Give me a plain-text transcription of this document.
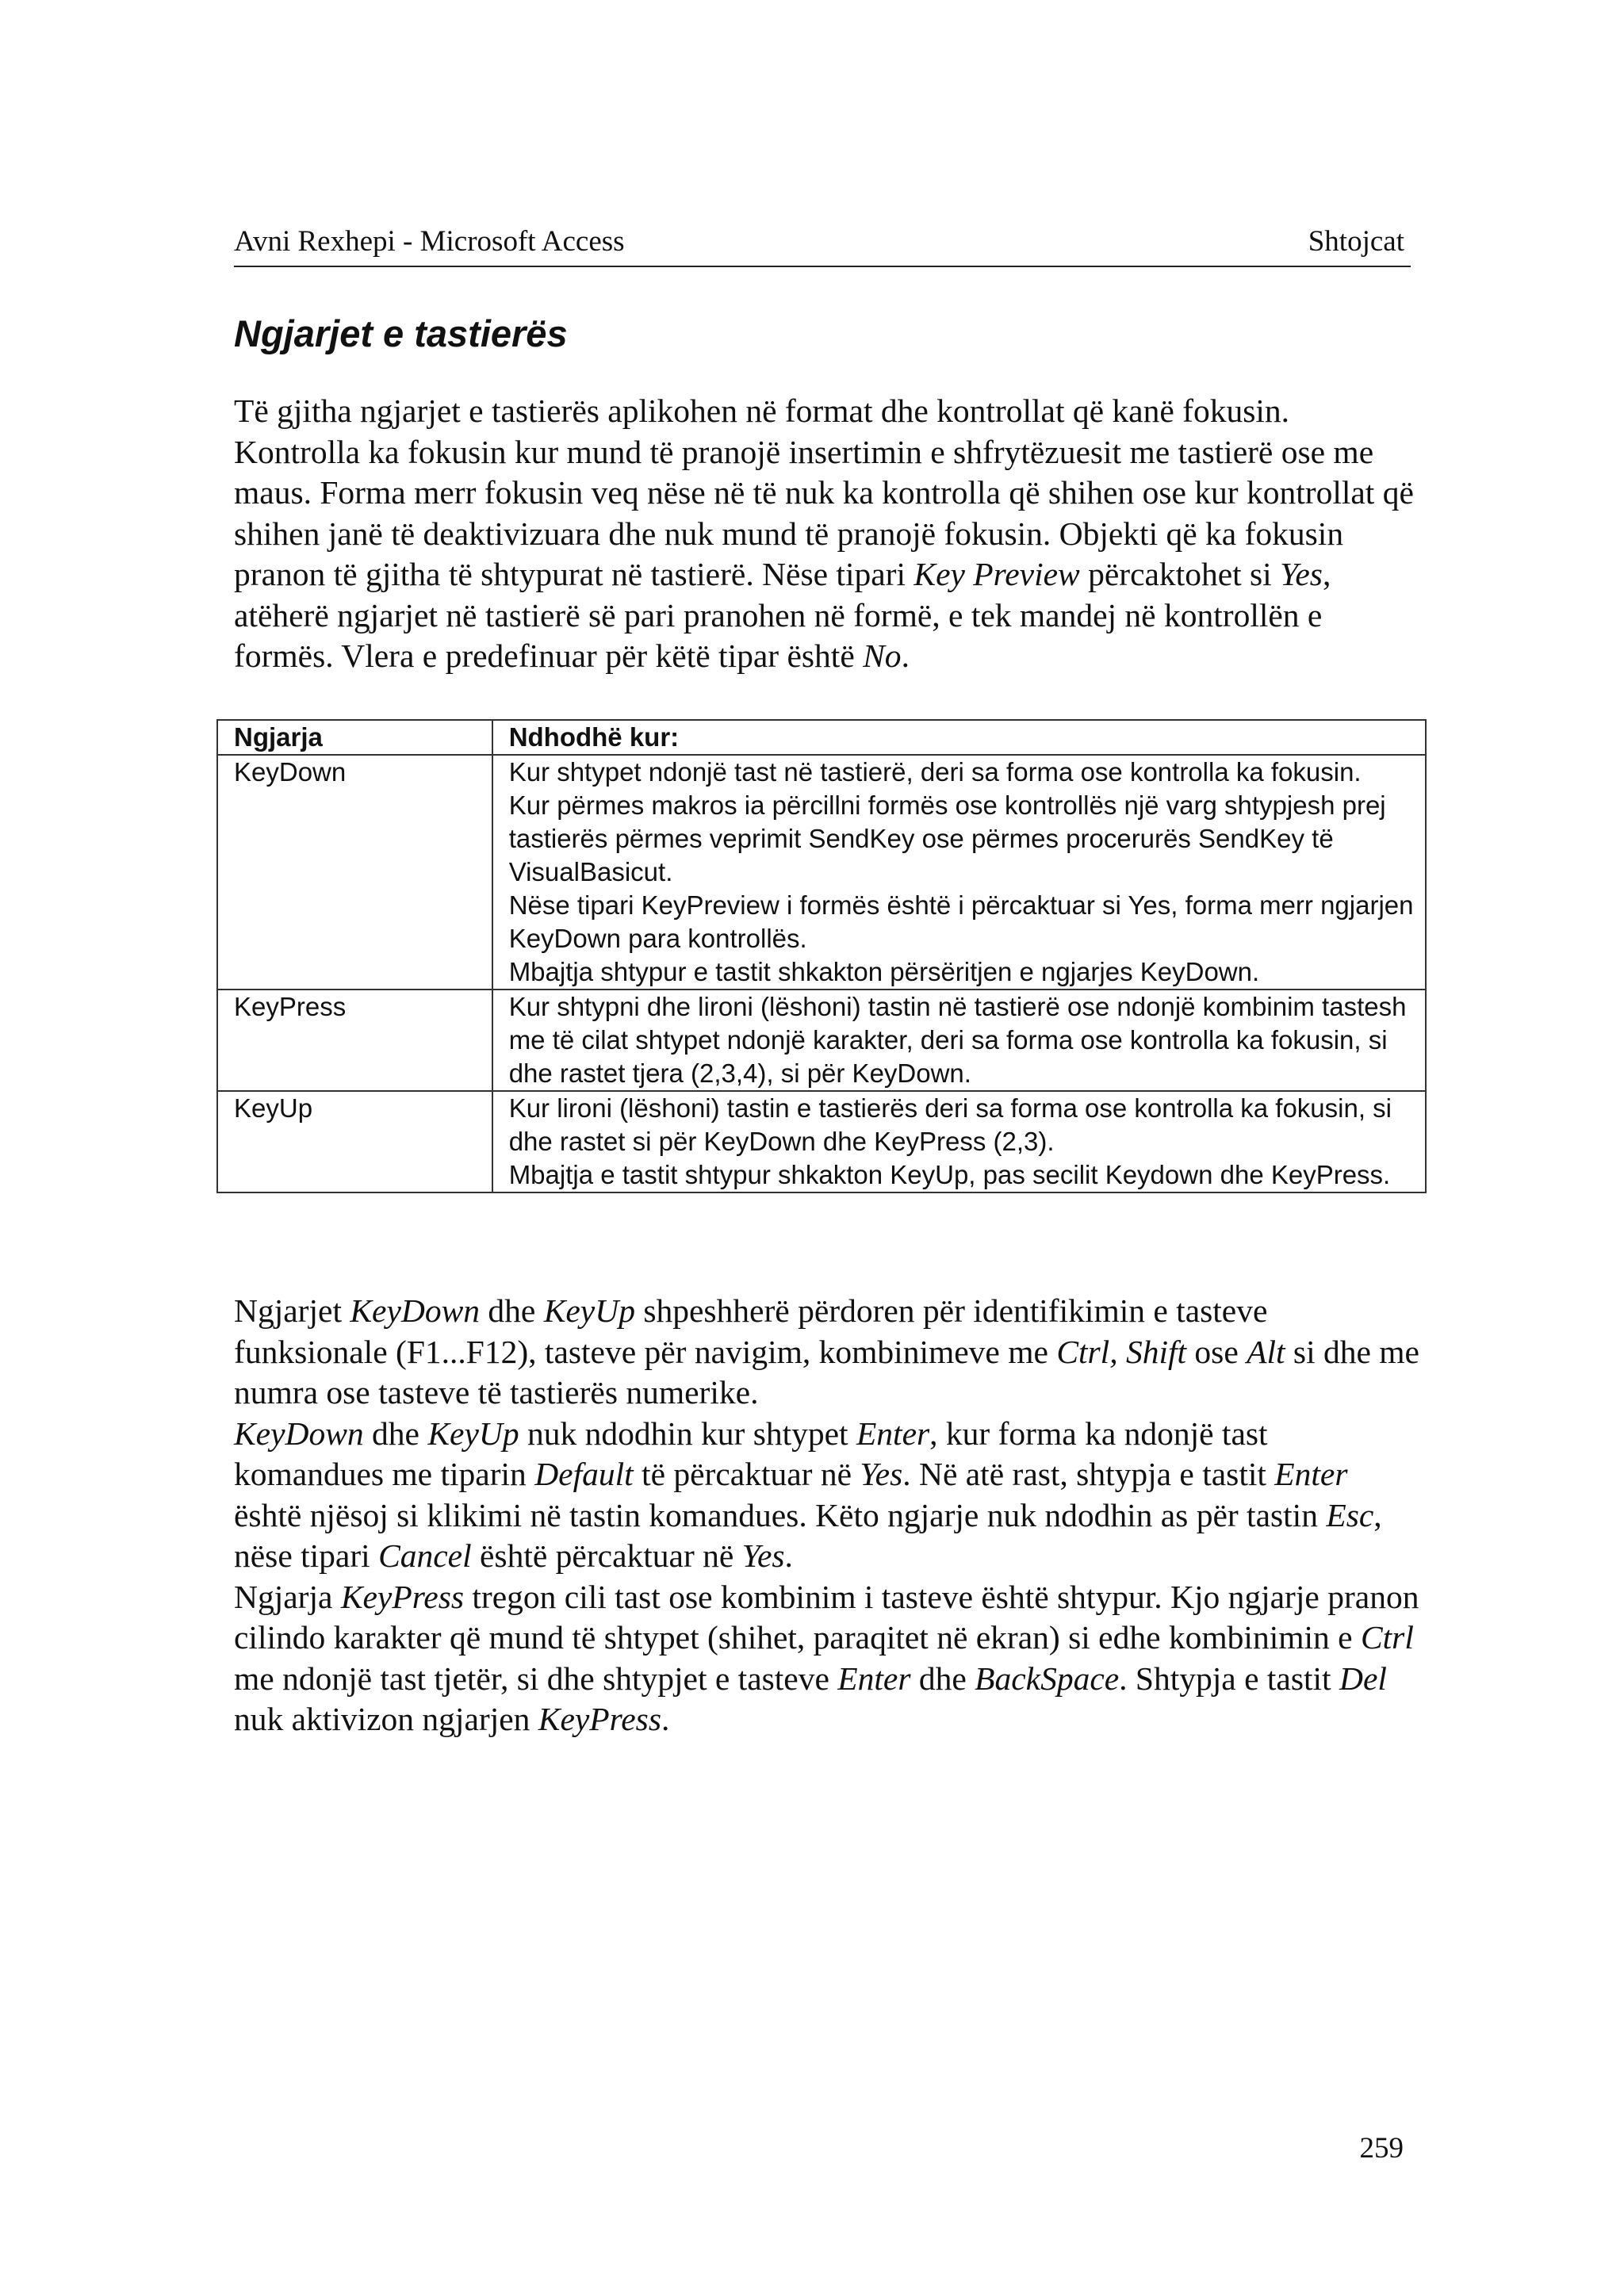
Avni Rexhepi - Microsoft Access	Shtojcat
Ngjarjet e tastierës

Të gjitha ngjarjet e tastierës aplikohen në format dhe kontrollat që kanë fokusin. Kontrolla ka fokusin kur mund të pranojë insertimin e shfrytëzuesit me tastierë ose me maus. Forma merr fokusin veq nëse në të nuk ka kontrolla që shihen ose kur kontrollat që shihen janë të deaktivizuara dhe nuk mund të pranojë fokusin. Objekti që ka fokusin pranon të gjitha të shtypurat në tastierë. Nëse tipari Key Preview përcaktohet si Yes, atëherë ngjarjet në tastierë së pari pranohen në formë, e tek mandej në kontrollën e formës. Vlera e predefinuar për këtë tipar është No.

Ngjarja	Ndhodhë kur:
KeyDown	Kur shtypet ndonjë tast në tastierë, deri sa forma ose kontrolla ka fokusin.
Kur përmes makros ia përcillni formës ose kontrollës një varg shtypjesh prej tastierës përmes veprimit SendKey ose përmes procerurës SendKey të VisualBasicut.
Nëse tipari KeyPreview i formës është i përcaktuar si Yes, forma merr ngjarjen KeyDown para kontrollës.
Mbajtja shtypur e tastit shkakton përsëritjen e ngjarjes KeyDown.

KeyPress	Kur shtypni dhe lironi (lëshoni) tastin në tastierë ose ndonjë kombinim tastesh me të cilat shtypet ndonjë karakter, deri sa forma ose kontrolla ka fokusin, si dhe rastet tjera (2,3,4), si për KeyDown.

KeyUp	Kur lironi (lëshoni) tastin e tastierës deri sa forma ose kontrolla ka fokusin, si dhe rastet si për KeyDown dhe KeyPress (2,3).
Mbajtja e tastit shtypur shkakton KeyUp, pas secilit Keydown dhe KeyPress.

Ngjarjet KeyDown dhe KeyUp shpeshherë përdoren për identifikimin e tasteve funksionale (F1...F12), tasteve për navigim, kombinimeve me Ctrl, Shift ose Alt si dhe me numra ose tasteve të tastierës numerike.

KeyDown dhe KeyUp nuk ndodhin kur shtypet Enter, kur forma ka ndonjë tast komandues me tiparin Default të përcaktuar në Yes. Në atë rast, shtypja e tastit Enter është njësoj si klikimi në tastin komandues. Këto ngjarje nuk ndodhin as për tastin Esc, nëse tipari Cancel është përcaktuar në Yes.

Ngjarja KeyPress tregon cili tast ose kombinim i tasteve është shtypur. Kjo ngjarje pranon cilindo karakter që mund të shtypet (shihet, paraqitet në ekran) si edhe kombinimin e Ctrl me ndonjë tast tjetër, si dhe shtypjet e tasteve Enter dhe BackSpace. Shtypja e tastit Del nuk aktivizon ngjarjen KeyPress.

259
